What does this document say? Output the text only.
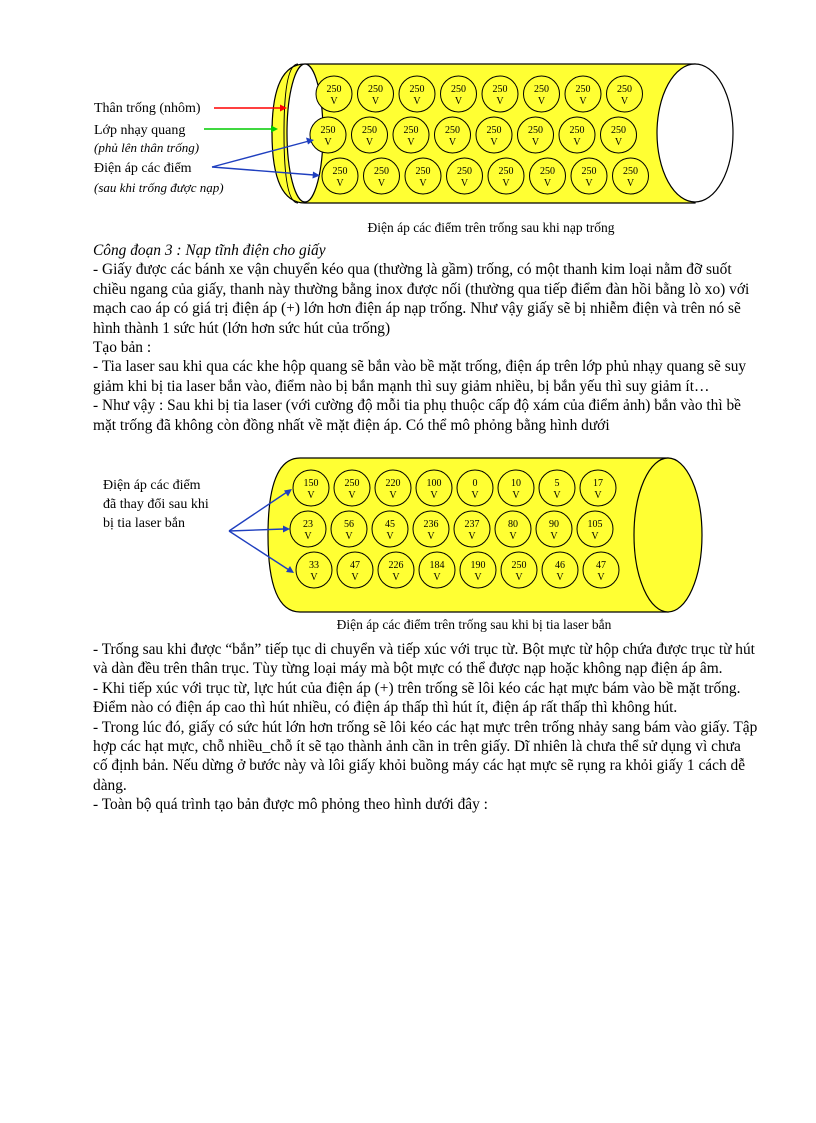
250
V
250
V
250
V
250
V
250
V
250
V
250
V
250
V
250
V
250
V
250
V
250
V
250
V
250
V
250
V
250
V
250
V
250
V
250
V
250
V
250
V
250
V
250
V
250
V
Thân trống (nhôm)
Lớp nhạy quang
(phủ lên thân trống)
Điện áp các điểm
(sau khi trống được nạp)
Điện áp các điểm trên trống sau khi nạp trống

Công đoạn 3 : Nạp tĩnh điện cho giấy

- Giấy được các bánh xe vận chuyển kéo qua (thường là gầm) trống, có một thanh kim loại nằm đỡ suốt chiều ngang của giấy, thanh này thường bằng inox được nối (thường qua tiếp điểm đàn hồi bằng lò xo) với mạch cao áp có giá trị điện áp (+) lớn hơn điện áp nạp trống. Như vậy giấy sẽ bị nhiễm điện và trên nó sẽ hình thành 1 sức hút (lớn hơn sức hút của trống)

Tạo bản :

- Tia laser sau khi qua các khe hộp quang sẽ bắn vào bề mặt trống, điện áp trên lớp phủ nhạy quang sẽ suy giảm khi bị tia laser bắn vào, điểm nào bị bắn mạnh thì suy giảm nhiều, bị bắn yếu thì suy giảm ít…

- Như vậy : Sau khi bị tia laser (với cường độ mỗi tia phụ thuộc cấp độ xám của điểm ảnh) bắn vào thì bề mặt trống đã không còn đồng nhất về mặt điện áp. Có thể mô phỏng bằng hình dưới

150
V
250
V
220
V
100
V
0
V
10
V
5
V
17
V
23
V
56
V
45
V
236
V
237
V
80
V
90
V
105
V
33
V
47
V
226
V
184
V
190
V
250
V
46
V
47
V
Điện áp các điểm
đã thay đổi sau khi
bị tia laser bắn
Điện áp các điểm trên trống sau khi bị tia laser bắn

- Trống sau khi được “bắn” tiếp tục di chuyển và tiếp xúc với trục từ. Bột mực từ hộp chứa được trục từ hút và dàn đều trên thân trục. Tùy từng loại máy mà bột mực có thể được nạp hoặc không nạp điện áp âm.

- Khi tiếp xúc với trục từ, lực hút của điện áp (+) trên trống sẽ lôi kéo các hạt mực bám vào bề mặt trống. Điểm nào có điện áp cao thì hút nhiều, có điện áp thấp thì hút ít, điện áp rất thấp thì không hút.

- Trong lúc đó, giấy có sức hút lớn hơn trống sẽ lôi kéo các hạt mực trên trống nhảy sang bám vào giấy. Tập hợp các hạt mực, chỗ nhiều_chỗ ít sẽ tạo thành ảnh cần in trên giấy. Dĩ nhiên là chưa thể sử dụng vì chưa cố định bản. Nếu dừng ở bước này và lôi giấy khỏi buồng máy các hạt mực sẽ rụng ra khỏi giấy 1 cách dễ dàng.

- Toàn bộ quá trình tạo bản được mô phỏng theo hình dưới đây :
